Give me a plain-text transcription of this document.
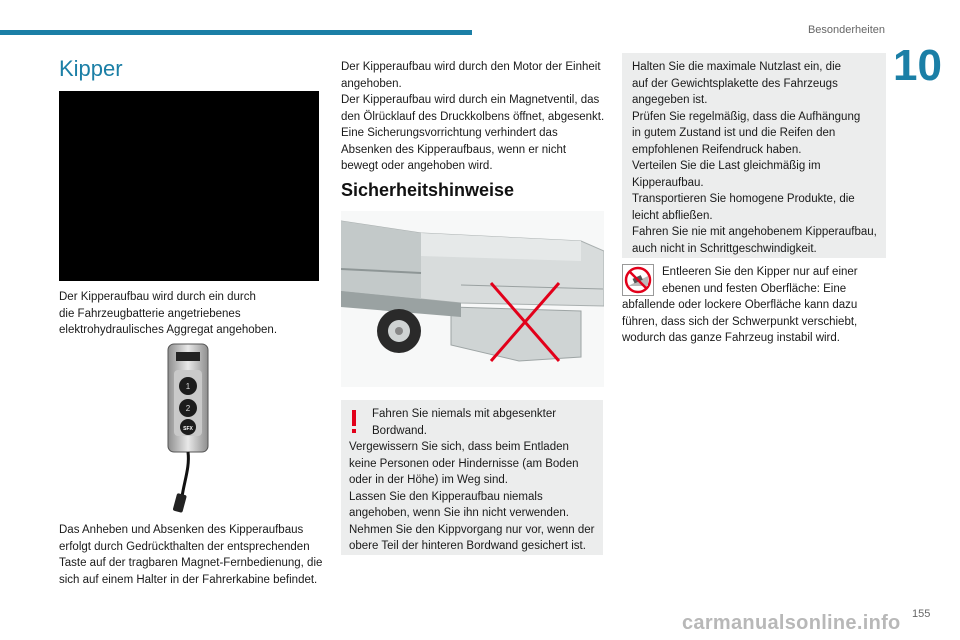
Besonderheiten
10
Kipper
Der Kipperaufbau wird durch ein durch
die Fahrzeugbatterie angetriebenes
elektrohydraulisches Aggregat angehoben.
1
2
SFX
Das Anheben und Absenken des Kipperaufbaus
erfolgt durch Gedrückthalten der entsprechenden
Taste auf der tragbaren Magnet-Fernbedienung, die
sich auf einem Halter in der Fahrerkabine befindet.
Der Kipperaufbau wird durch den Motor der Einheit
angehoben.
Der Kipperaufbau wird durch ein Magnetventil, das
den Ölrücklauf des Druckkolbens öffnet, abgesenkt.
Eine Sicherungsvorrichtung verhindert das
Absenken des Kipperaufbaus, wenn er nicht
bewegt oder angehoben wird.
Sicherheitshinweise
Fahren Sie niemals mit abgesenkter
Bordwand.
Vergewissern Sie sich, dass beim Entladen
keine Personen oder Hindernisse (am Boden
oder in der Höhe) im Weg sind.
Lassen Sie den Kipperaufbau niemals
angehoben, wenn Sie ihn nicht verwenden.
Nehmen Sie den Kippvorgang nur vor, wenn der
obere Teil der hinteren Bordwand gesichert ist.
Halten Sie die maximale Nutzlast ein, die
auf der Gewichtsplakette des Fahrzeugs
angegeben ist.
Prüfen Sie regelmäßig, dass die Aufhängung
in gutem Zustand ist und die Reifen den
empfohlenen Reifendruck haben.
Verteilen Sie die Last gleichmäßig im
Kipperaufbau.
Transportieren Sie homogene Produkte, die
leicht abfließen.
Fahren Sie nie mit angehobenem Kipperaufbau,
auch nicht in Schrittgeschwindigkeit.
Entleeren Sie den Kipper nur auf einer
ebenen und festen Oberfläche: Eine
abfallende oder lockere Oberfläche kann dazu
führen, dass sich der Schwerpunkt verschiebt,
wodurch das ganze Fahrzeug instabil wird.
155
carmanualsonline.info
